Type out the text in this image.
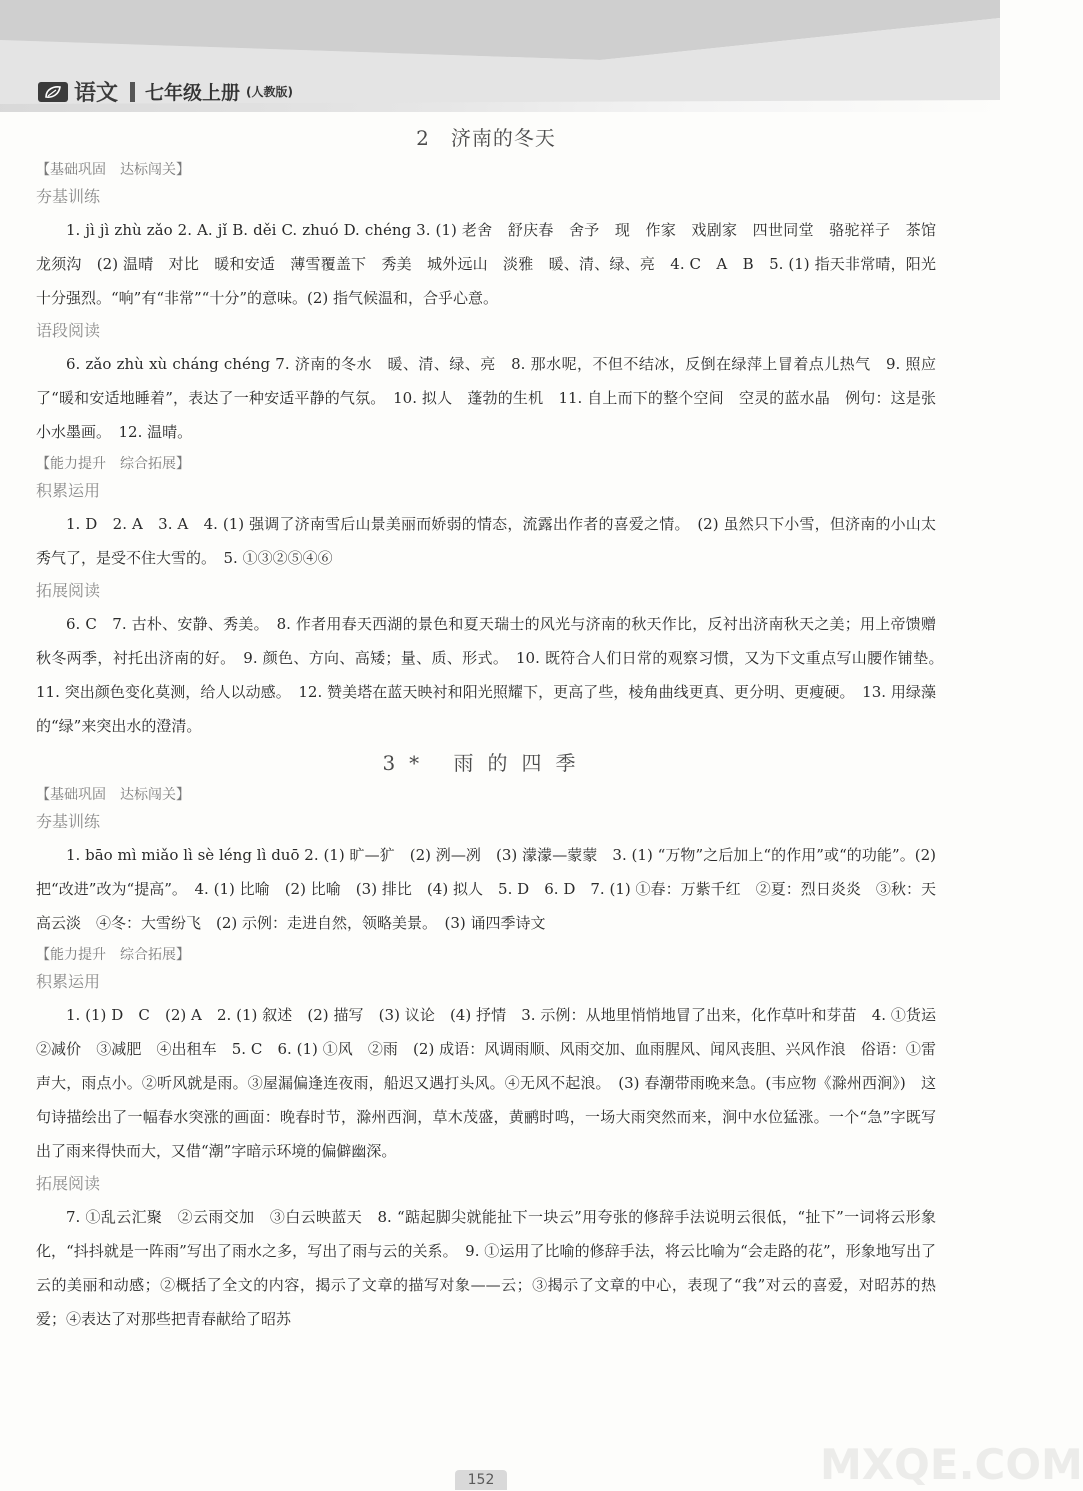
语文 七年级上册 (人教版)
2　济南的冬天
【基础巩固　达标闯关】
夯基训练

1. jì jì zhù zǎo 2. A. jǐ B. děi C. zhuó D. chéng 3. (1) 老舍　舒庆春　舍予　现　作家　戏剧家　四世同堂　骆驼祥子　茶馆　龙须沟　(2) 温晴　对比　暖和安适　薄雪覆盖下　秀美　城外远山　淡雅　暖、清、绿、亮　4. C　A　B　5. (1) 指天非常晴，阳光十分强烈。“响”有“非常”“十分”的意味。(2) 指气候温和，合乎心意。

语段阅读

6. zǎo zhù xù cháng chéng 7. 济南的冬水　暖、清、绿、亮　8. 那水呢，不但不结冰，反倒在绿萍上冒着点儿热气　9. 照应了“暖和安适地睡着”，表达了一种安适平静的气氛。　10. 拟人　蓬勃的生机　11. 自上而下的整个空间　空灵的蓝水晶　例句：这是张小水墨画。　12. 温晴。

【能力提升　综合拓展】
积累运用

1. D　2. A　3. A　4. (1) 强调了济南雪后山景美丽而娇弱的情态，流露出作者的喜爱之情。　(2) 虽然只下小雪，但济南的小山太秀气了，是受不住大雪的。　5. ①③②⑤④⑥

拓展阅读

6. C　7. 古朴、安静、秀美。　8. 作者用春天西湖的景色和夏天瑞士的风光与济南的秋天作比，反衬出济南秋天之美；用上帝馈赠秋冬两季，衬托出济南的好。　9. 颜色、方向、高矮；量、质、形式。　10. 既符合人们日常的观察习惯，又为下文重点写山腰作铺垫。　11. 突出颜色变化莫测，给人以动感。　12. 赞美塔在蓝天映衬和阳光照耀下，更高了些，棱角曲线更真、更分明、更瘦硬。　13. 用绿藻的“绿”来突出水的澄清。

3* 雨的四季
【基础巩固　达标闯关】
夯基训练

1. bāo mì miǎo lì sè léng lì duō 2. (1) 旷—犷　(2) 洌—冽　(3) 濛濛—蒙蒙　3. (1) “万物”之后加上“的作用”或“的功能”。(2) 把“改进”改为“提高”。　4. (1) 比喻　(2) 比喻　(3) 排比　(4) 拟人　5. D　6. D　7. (1) ①春：万紫千红　②夏：烈日炎炎　③秋：天高云淡　④冬：大雪纷飞　(2) 示例：走进自然，领略美景。　(3) 诵四季诗文

【能力提升　综合拓展】
积累运用

1. (1) D　C　(2) A　2. (1) 叙述　(2) 描写　(3) 议论　(4) 抒情　3. 示例：从地里悄悄地冒了出来，化作草叶和芽苗　4. ①货运　②减价　③减肥　④出租车　5. C　6. (1) ①风　②雨　(2) 成语：风调雨顺、风雨交加、血雨腥风、闻风丧胆、兴风作浪　俗语：①雷声大，雨点小。②听风就是雨。③屋漏偏逢连夜雨，船迟又遇打头风。④无风不起浪。　(3) 春潮带雨晚来急。(韦应物《滁州西涧》)　这句诗描绘出了一幅春水突涨的画面：晚春时节，滁州西涧，草木茂盛，黄鹂时鸣，一场大雨突然而来，涧中水位猛涨。一个“急”字既写出了雨来得快而大，又借“潮”字暗示环境的偏僻幽深。

拓展阅读

7. ①乱云汇聚　②云雨交加　③白云映蓝天　8. “踮起脚尖就能扯下一块云”用夸张的修辞手法说明云很低，“扯下”一词将云形象化，“抖抖就是一阵雨”写出了雨水之多，写出了雨与云的关系。　9. ①运用了比喻的修辞手法，将云比喻为“会走路的花”，形象地写出了云的美丽和动感；②概括了全文的内容，揭示了文章的描写对象——云；③揭示了文章的中心，表现了“我”对云的喜爱，对昭苏的热爱；④表达了对那些把青春献给了昭苏

MXQE.COM
152
